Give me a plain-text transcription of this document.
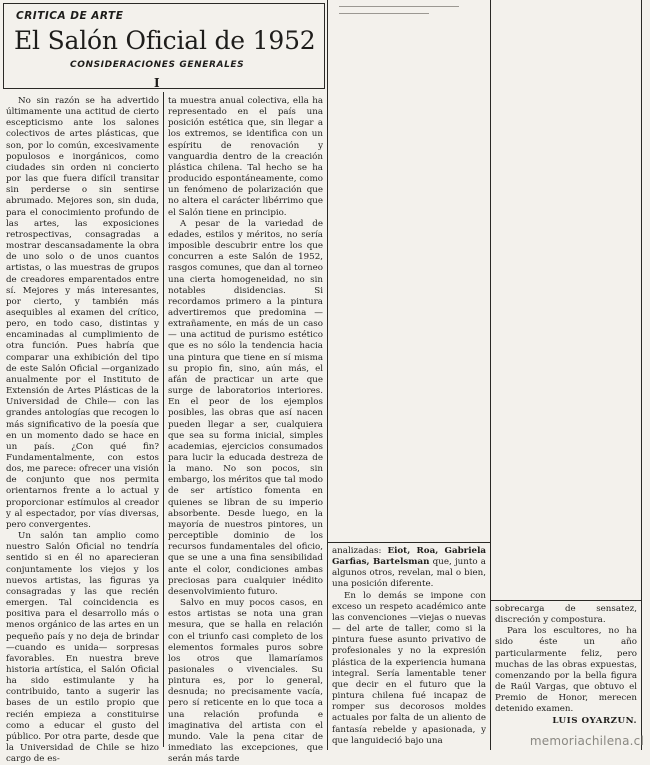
CRITICA DE ARTE
El Salón Oficial de 1952
CONSIDERACIONES GENERALES
I

No sin razón se ha advertido últimamente una actitud de cierto escepticismo ante los salones colectivos de artes plásticas, que son, por lo común, excesivamente populosos e inorgánicos, como ciudades sin orden ni concierto por las que fuera difícil transitar sin perderse o sin sentirse abrumado. Mejores son, sin duda, para el conocimiento profundo de las artes, las exposiciones retrospectivas, consagradas a mostrar descansadamente la obra de uno solo o de unos cuantos artistas, o las muestras de grupos de creadores emparentados entre sí. Mejores y más interesantes, por cierto, y también más asequibles al examen del crítico, pero, en todo caso, distintas y encaminadas al cumplimiento de otra función. Pues habría que comparar una exhibición del tipo de este Salón Oficial —organizado anualmente por el Instituto de Extensión de Artes Plásticas de la Universidad de Chile— con las grandes antologías que recogen lo más significativo de la poesía que en un momento dado se hace en un país. ¿Con qué fin? Fundamentalmente, con estos dos, me parece: ofrecer una visión de conjunto que nos permita orientarnos frente a lo actual y proporcionar estímulos al creador y al espectador, por vías diversas, pero convergentes.

Un salón tan amplio como nuestro Salón Oficial no tendría sentido si en él no aparecieran conjuntamente los viejos y los nuevos artistas, las figuras ya consagradas y las que recién emergen. Tal coincidencia es positiva para el desarrollo más o menos orgánico de las artes en un pequeño país y no deja de brindar —cuando es unida— sorpresas favorables. En nuestra breve historia artística, el Salón Oficial ha sido estimulante y ha contribuido, tanto a sugerir las bases de un estilo propio que recién empieza a constituirse como a educar el gusto del público. Por otra parte, desde que la Universidad de Chile se hizo cargo de es-

ta muestra anual colectiva, ella ha representado en el país una posición estética que, sin llegar a los extremos, se identifica con un espíritu de renovación y vanguardia dentro de la creación plástica chilena. Tal hecho se ha producido espontáneamente, como un fenómeno de polarización que no altera el carácter libérrimo que el Salón tiene en principio.

A pesar de la variedad de edades, estilos y méritos, no sería imposible descubrir entre los que concurren a este Salón de 1952, rasgos comunes, que dan al torneo una cierta homogeneidad, no sin notables disidencias. Si recordamos primero a la pintura advertiremos que predomina —extrañamente, en más de un caso— una actitud de purismo estético que es no sólo la tendencia hacia una pintura que tiene en sí misma su propio fin, sino, aún más, el afán de practicar un arte que surge de laboratorios interiores. En el peor de los ejemplos posibles, las obras que así nacen pueden llegar a ser, cualquiera que sea su forma inicial, simples academias, ejercicios consumados para lucir la educada destreza de la mano. No son pocos, sin embargo, los méritos que tal modo de ser artístico fomenta en quienes se libran de su imperio absorbente. Desde luego, en la mayoría de nuestros pintores, un perceptible dominio de los recursos fundamentales del oficio, que se une a una fina sensibilidad ante el color, condiciones ambas preciosas para cualquier inédito desenvolvimiento futuro.

Salvo en muy pocos casos, en estos artistas se nota una gran mesura, que se halla en relación con el triunfo casi completo de los elementos formales puros sobre los otros que llamaríamos pasionales o vivenciales. Su pintura es, por lo general, desnuda; no precisamente vacía, pero sí reticente en lo que toca a una relación profunda e imaginativa del artista con el mundo. Vale la pena citar de inmediato las excepciones, que serán más tarde

analizadas: Eiot, Roa, Gabriela Garfias, Bartelsman que, junto a algunos otros, revelan, mal o bien, una posición diferente.

En lo demás se impone con exceso un respeto académico ante las convenciones —viejas o nuevas— del arte de taller, como si la pintura fuese asunto privativo de profesionales y no la expresión plástica de la experiencia humana integral. Sería lamentable tener que decir en el futuro que la pintura chilena fué incapaz de romper sus decorosos moldes actuales por falta de un aliento de fantasía rebelde y apasionada, y que languideció bajo una

sobrecarga de sensatez, discreción y compostura.

Para los escultores, no ha sido éste un año particularmente feliz, pero muchas de las obras expuestas, comenzando por la bella figura de Raúl Vargas, que obtuvo el Premio de Honor, merecen detenido examen.

LUIS OYARZUN.

memoriachilena.cl
